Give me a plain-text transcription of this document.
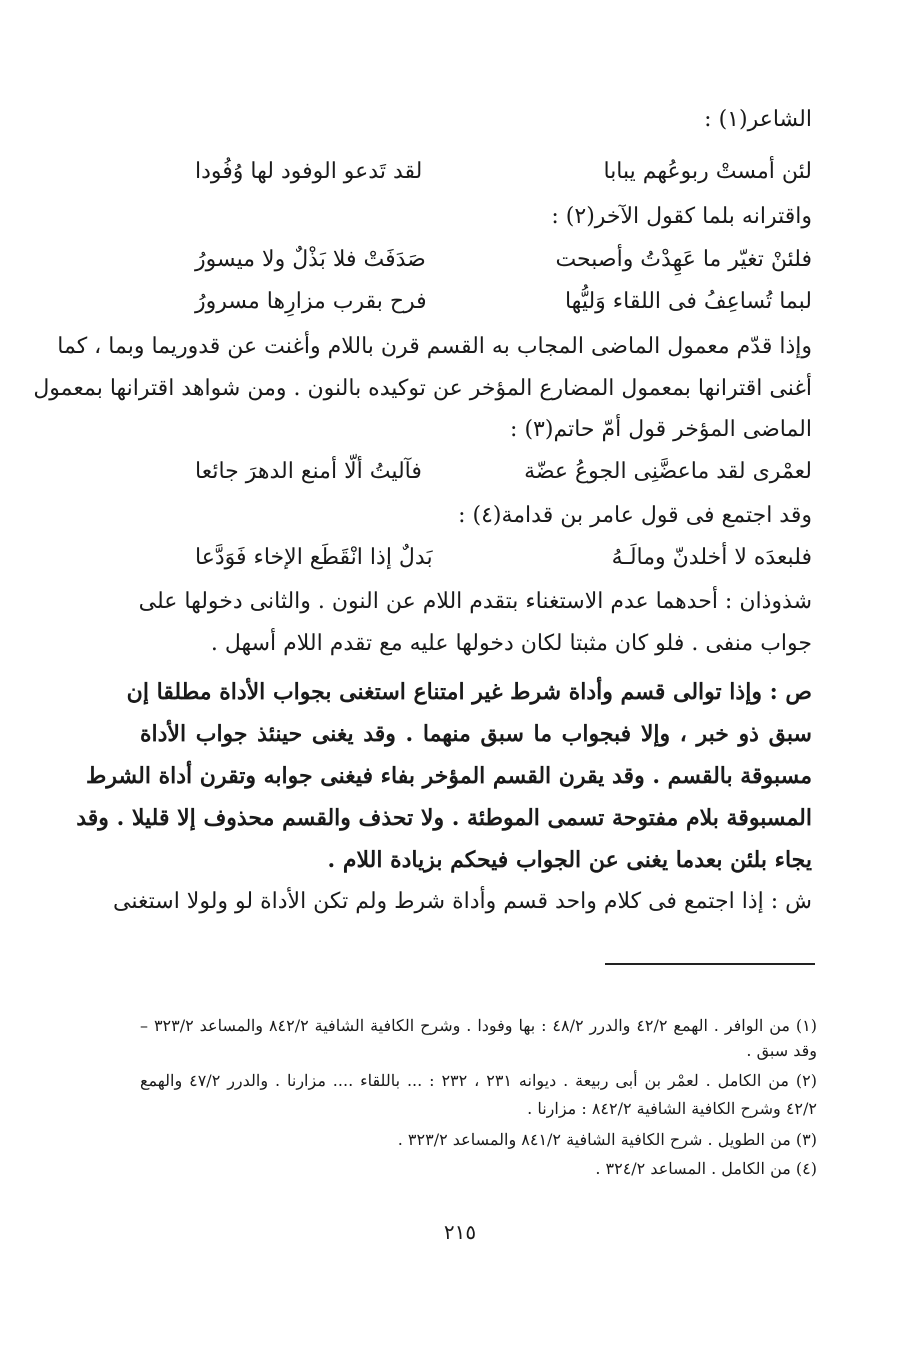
الشاعر(١) :
لئن أمستْ ربوعُهم يبابا
لقد تَدعو الوفود لها وُفُودا
واقترانه بلما كقول الآخر(٢) :
فلئنْ تغيّر ما عَهِدْتُ وأصبحت
صَدَفَتْ فلا بَذْلٌ ولا ميسورُ
لبما تُساعِفُ فى اللقاء وَليُّها
فرح بقرب مزارِها مسرورُ
وإذا قدّم معمول الماضى المجاب به القسم قرن باللام وأغنت عن قدوريما وبما ، كما
أغنى اقترانها بمعمول المضارع المؤخر عن توكيده بالنون . ومن شواهد اقترانها بمعمول
الماضى المؤخر قول أمّ حاتم(٣) :
لعمْرى لقد ماعضَّنِى الجوعُ عضّة
فآليتُ ألّا أمنع الدهرَ جائعا
وقد اجتمع فى قول عامر بن قدامة(٤) :
فلبعدَه لا أخلدنّ ومالَـهُ
بَدلٌ إذا انْقَطَع الإخاء فَوَدَّعا
شذوذان : أحدهما عدم الاستغناء بتقدم اللام عن النون . والثانى دخولها على
جواب منفى . فلو كان مثبتا لكان دخولها عليه مع تقدم اللام أسهل .
ص : وإذا توالى قسم وأداة شرط غير امتناع استغنى بجواب الأداة مطلقا إن
سبق ذو خبر ، وإلا فبجواب ما سبق منهما . وقد يغنى حينئذ جواب الأداة
مسبوقة بالقسم . وقد يقرن القسم المؤخر بفاء فيغنى جوابه وتقرن أداة الشرط
المسبوقة بلام مفتوحة تسمى الموطئة . ولا تحذف والقسم محذوف إلا قليلا . وقد
يجاء بلئن بعدما يغنى عن الجواب فيحكم بزيادة اللام .
ش : إذا اجتمع فى كلام واحد قسم وأداة شرط ولم تكن الأداة لو ولولا استغنى
(١) من الوافر . الهمع ٤٢/٢ والدرر ٤٨/٢ : بها وفودا . وشرح الكافية الشافية ٨٤٢/٢ والمساعد ٣٢٣/٢ –
وقد سبق .
(٢) من الكامل . لعمْر بن أبى ربيعة . ديوانه ٢٣١ ، ٢٣٢ : ... باللقاء .... مزارنا . والدرر ٤٧/٢ والهمع
٤٢/٢ وشرح الكافية الشافية ٨٤٢/٢ : مزارنا .
(٣) من الطويل . شرح الكافية الشافية ٨٤١/٢ والمساعد ٣٢٣/٢ .
(٤) من الكامل . المساعد ٣٢٤/٢ .
٢١٥
